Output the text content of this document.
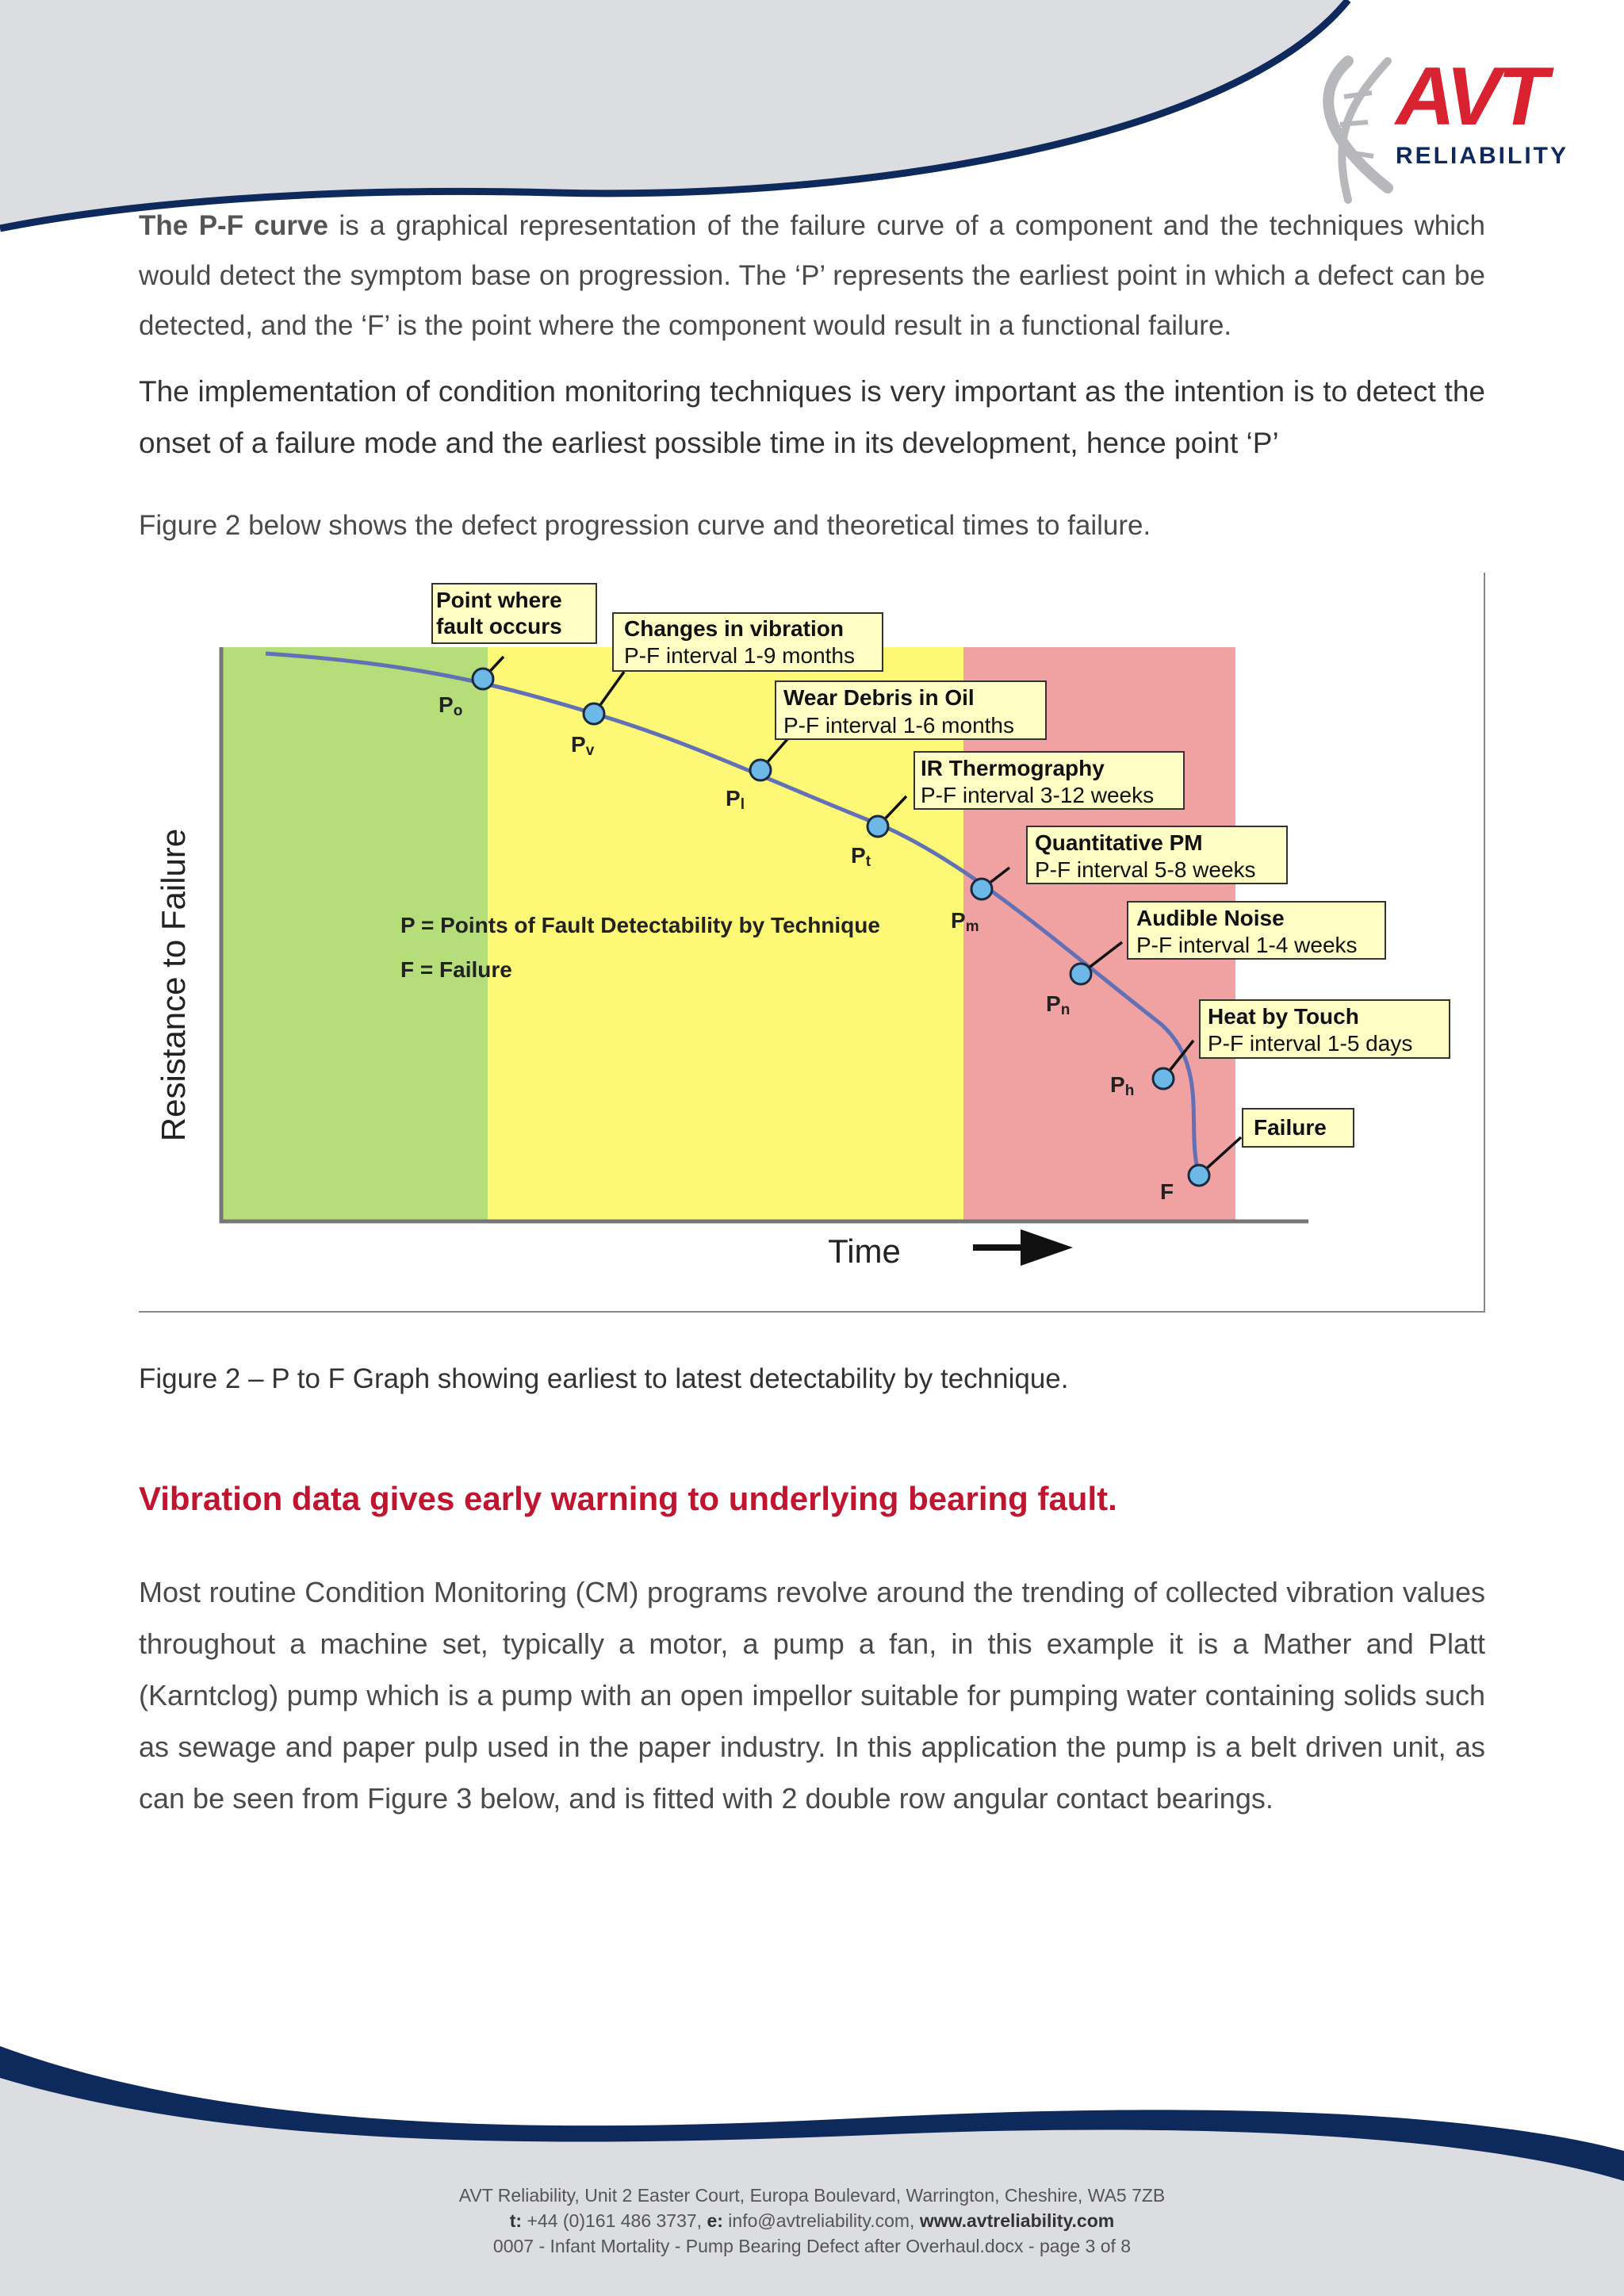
AVT
RELIABILITY

The P-F curve is a graphical representation of the failure curve of a component and the techniques which would detect the symptom base on progression. The ‘P’ represents the earliest point in which a defect can be detected, and the ‘F’ is the point where the component would result in a functional failure.

The implementation of condition monitoring techniques is very important as the intention is to detect the onset of a failure mode and the earliest possible time in its development, hence point ‘P’

Figure 2 below shows the defect progression curve and theoretical times to failure.

Resistance to Failure
Time
P = Points of Fault Detectability by Technique
F = Failure
Po
Pv
Pl
Pt
Pm
Pn
Ph
F
Point where
fault occurs	Changes in vibration
P-F interval 1-9 months
Wear Debris in Oil
P-F interval 1-6 months
IR Thermography
P-F interval 3-12 weeks
Quantitative PM
P-F interval 5-8 weeks
Audible Noise
P-F interval 1-4 weeks
Heat by Touch
P-F interval 1-5 days
Failure

Figure 2 – P to F Graph showing earliest to latest detectability by technique.

Vibration data gives early warning to underlying bearing fault.

Most routine Condition Monitoring (CM) programs revolve around the trending of collected vibration values throughout a machine set, typically a motor, a pump a fan, in this example it is a Mather and Platt (Karntclog) pump which is a pump with an open impellor suitable for pumping water containing solids such as sewage and paper pulp used in the paper industry. In this application the pump is a belt driven unit, as can be seen from Figure 3 below, and is fitted with 2 double row angular contact bearings.

AVT Reliability, Unit 2 Easter Court, Europa Boulevard, Warrington, Cheshire, WA5 7ZB
t: +44 (0)161 486 3737, e: info@avtreliability.com, www.avtreliability.com
0007 - Infant Mortality - Pump Bearing Defect after Overhaul.docx - page 3 of 8
